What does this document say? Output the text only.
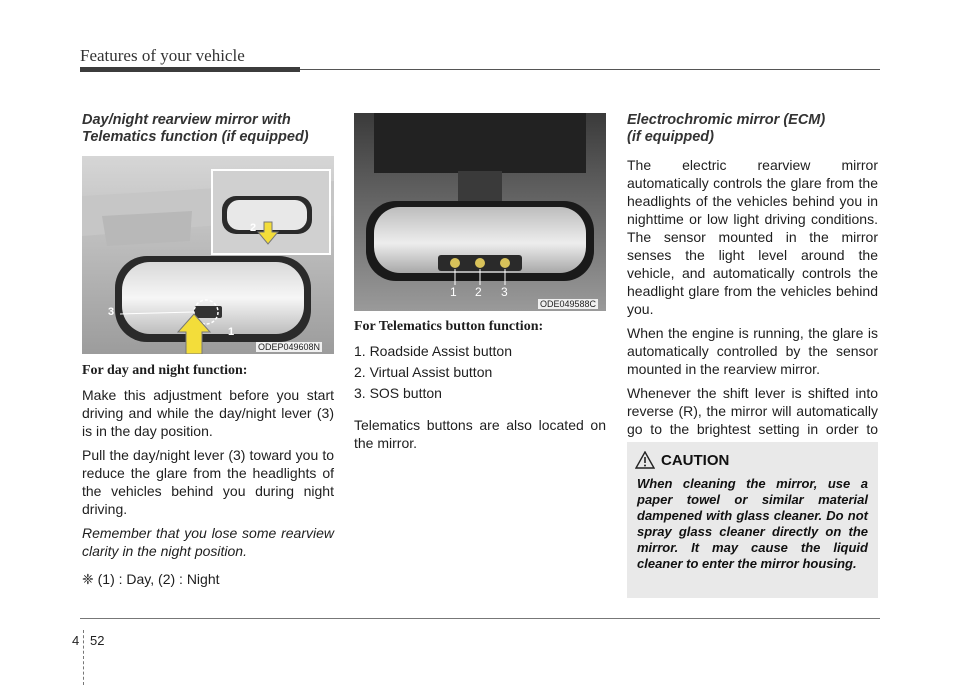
Features of your vehicle
Day/night rearview mirror with
Telematics function (if equipped)
ODEP049608N
3
1
2

For day and night function:

Make this adjustment before you start driving and while the day/night lever (3) is in the day position.

Pull the day/night lever (3) toward you to reduce the glare from the headlights of the vehicles behind you during night driving.

Remember that you lose some rearview clarity in the night position.

❈ (1) : Day, (2) : Night

1 2 3
ODE049588C

For Telematics button function:

1. Roadside Assist button

2. Virtual Assist button

3. SOS button

Telematics buttons are also located on the mirror.

Electrochromic mirror (ECM)
(if equipped)

The electric rearview mirror automatically controls the glare from the headlights of the vehicles behind you in nighttime or low light driving conditions. The sensor mounted in the mirror senses the light level around the vehicle, and automatically controls the headlight glare from the vehicles behind you.

When the engine is running, the glare is automatically controlled by the sensor mounted in the rearview mirror.

Whenever the shift lever is shifted into reverse (R), the mirror will automatically go to the brightest setting in order to

CAUTION
When cleaning the mirror, use a paper towel or similar material dampened with glass cleaner. Do not spray glass cleaner directly on the mirror. It may cause the liquid cleaner to enter the mirror housing.
4 52
